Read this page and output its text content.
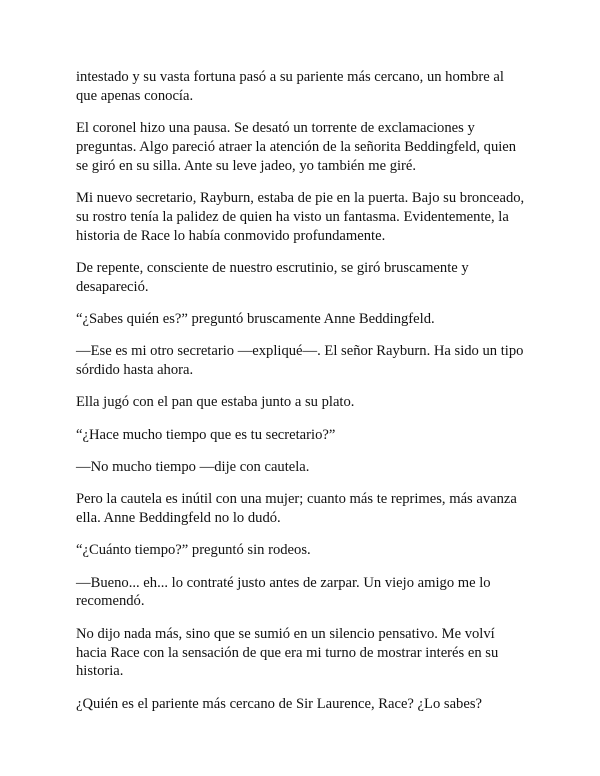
intestado y su vasta fortuna pasó a su pariente más cercano, un hombre al que apenas conocía.

El coronel hizo una pausa. Se desató un torrente de exclamaciones y preguntas. Algo pareció atraer la atención de la señorita Beddingfeld, quien se giró en su silla. Ante su leve jadeo, yo también me giré.

Mi nuevo secretario, Rayburn, estaba de pie en la puerta. Bajo su bronceado, su rostro tenía la palidez de quien ha visto un fantasma. Evidentemente, la historia de Race lo había conmovido profundamente.

De repente, consciente de nuestro escrutinio, se giró bruscamente y desapareció.

“¿Sabes quién es?” preguntó bruscamente Anne Beddingfeld.

—Ese es mi otro secretario —expliqué—. El señor Rayburn. Ha sido un tipo sórdido hasta ahora.

Ella jugó con el pan que estaba junto a su plato.

“¿Hace mucho tiempo que es tu secretario?”

—No mucho tiempo —dije con cautela.

Pero la cautela es inútil con una mujer; cuanto más te reprimes, más avanza ella. Anne Beddingfeld no lo dudó.

“¿Cuánto tiempo?” preguntó sin rodeos.

—Bueno... eh... lo contraté justo antes de zarpar. Un viejo amigo me lo recomendó.

No dijo nada más, sino que se sumió en un silencio pensativo. Me volví hacia Race con la sensación de que era mi turno de mostrar interés en su historia.

¿Quién es el pariente más cercano de Sir Laurence, Race? ¿Lo sabes?
